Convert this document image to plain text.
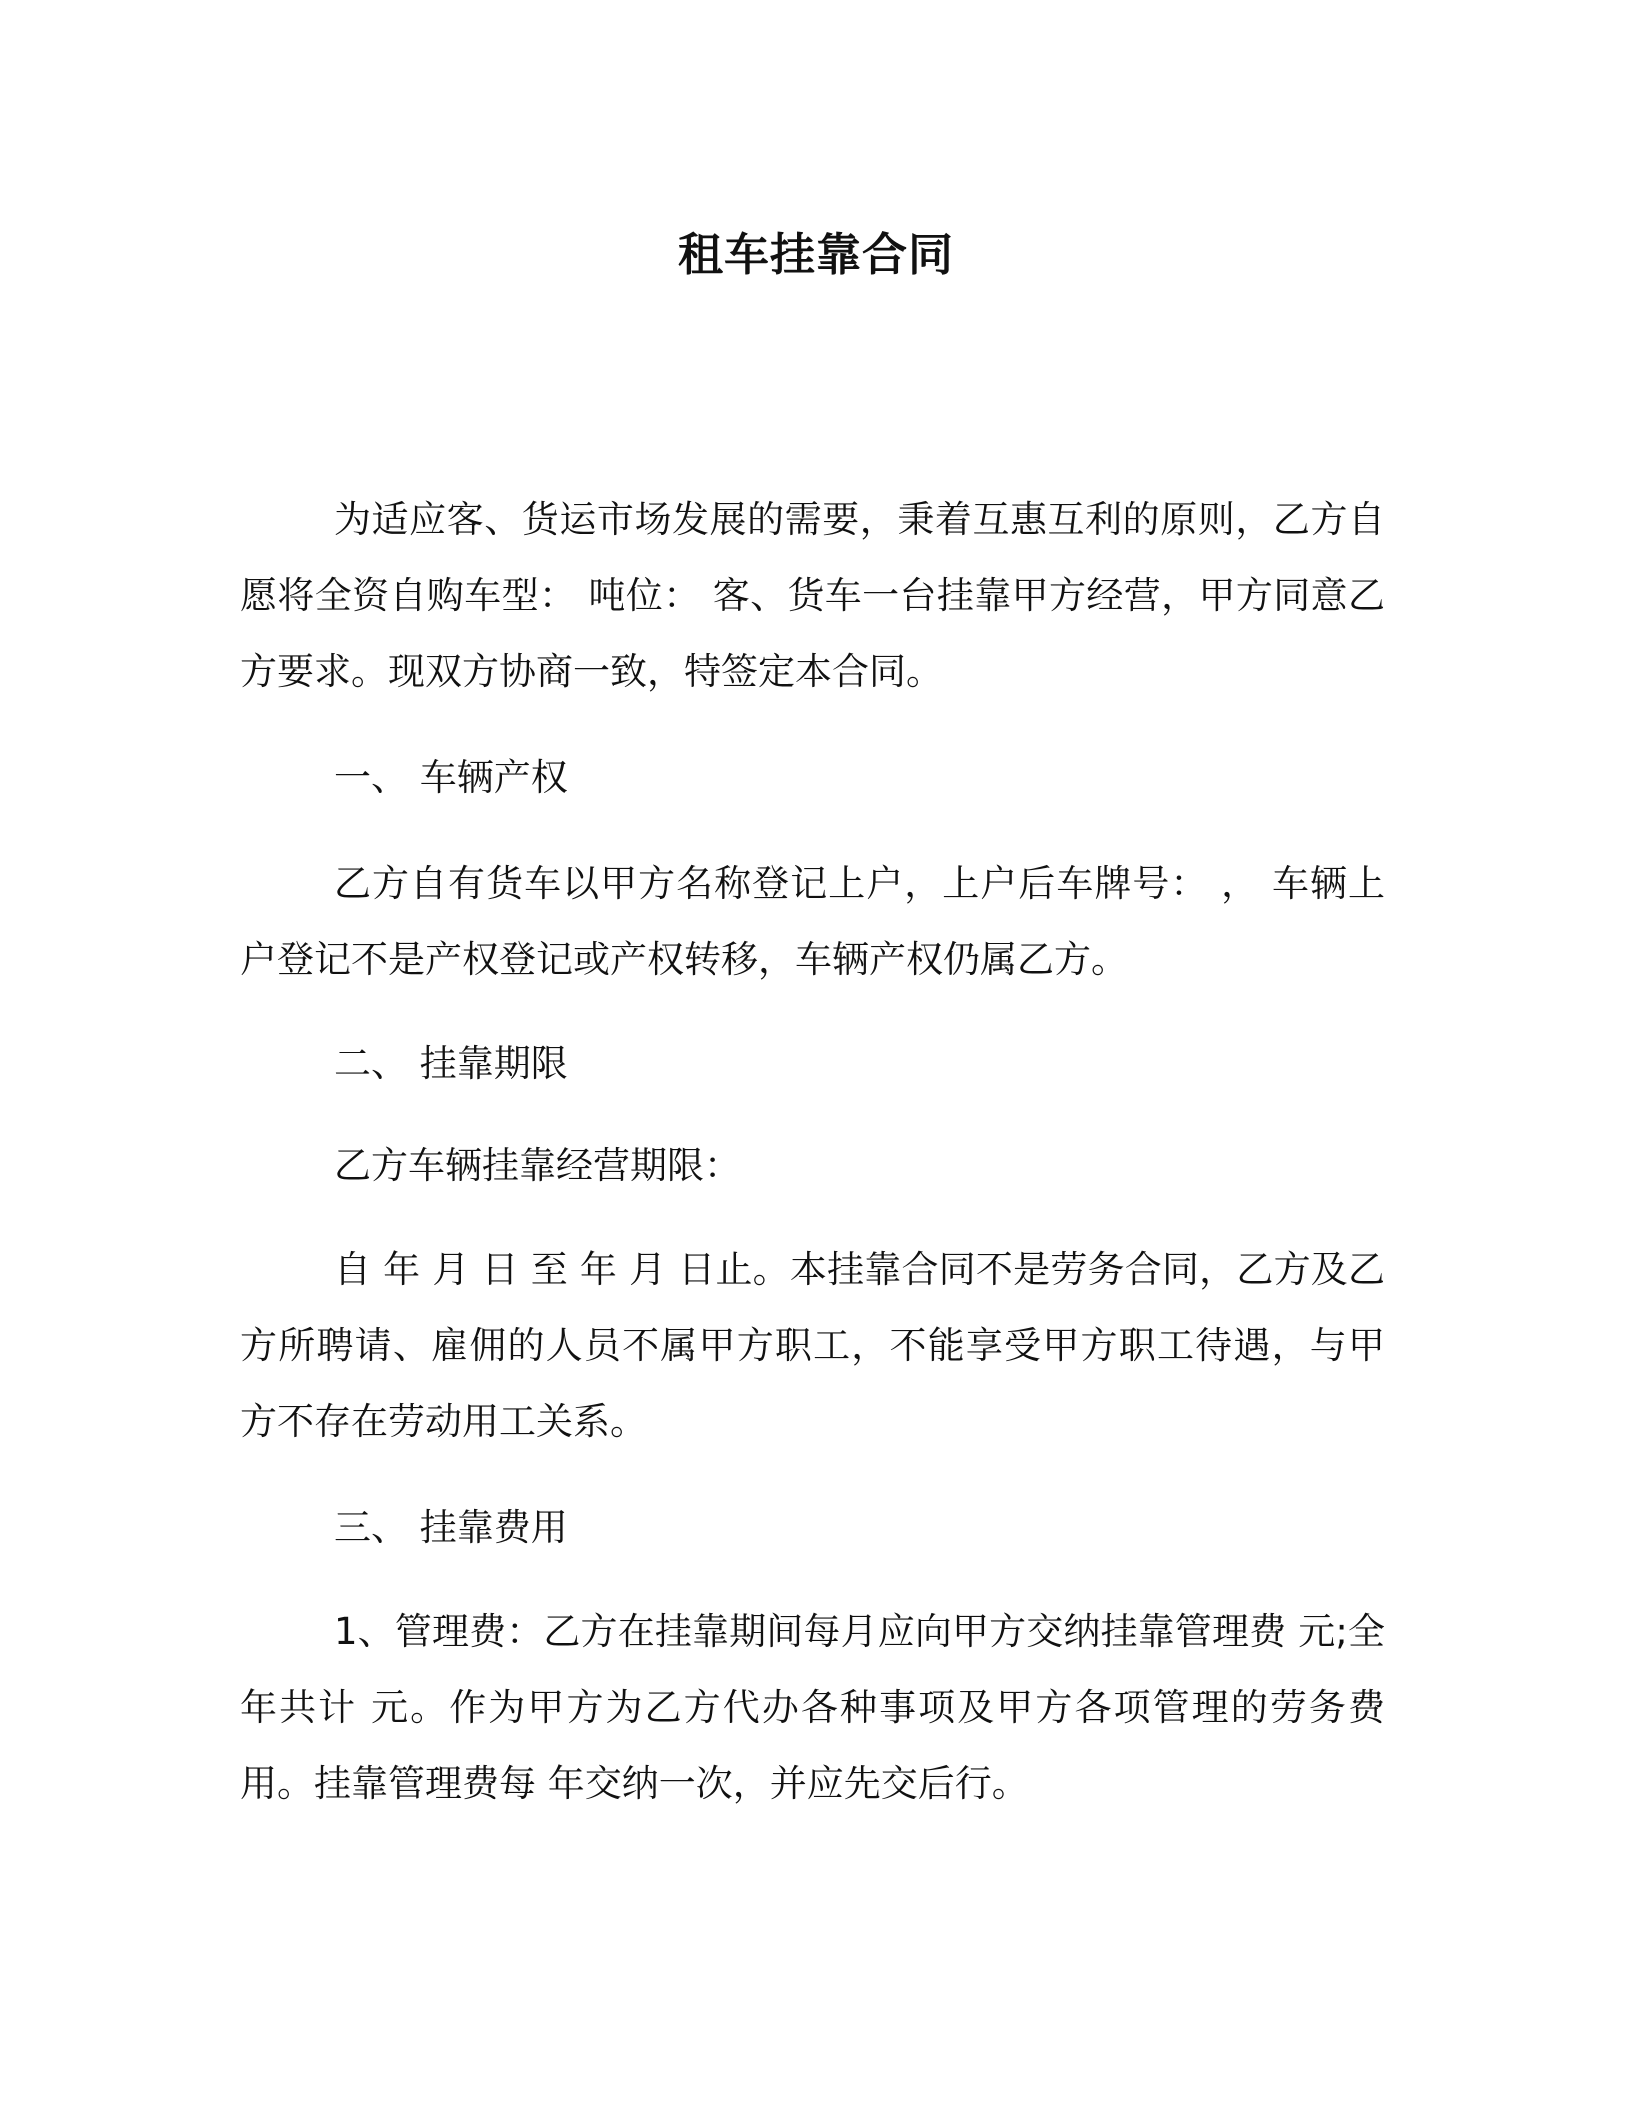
租车挂靠合同

为适应客、货运市场发展的需要，秉着互惠互利的原则，乙方自愿将全资自购车型： 吨位： 客、货车一台挂靠甲方经营，甲方同意乙方要求。现双方协商一致，特签定本合同。

一、 车辆产权

乙方自有货车以甲方名称登记上户，上户后车牌号： ， 车辆上户登记不是产权登记或产权转移，车辆产权仍属乙方。

二、 挂靠期限

乙方车辆挂靠经营期限：

自 年 月 日 至 年 月 日止。本挂靠合同不是劳务合同，乙方及乙方所聘请、雇佣的人员不属甲方职工，不能享受甲方职工待遇，与甲方不存在劳动用工关系。

三、 挂靠费用

1、管理费：乙方在挂靠期间每月应向甲方交纳挂靠管理费 元;全年共计 元。作为甲方为乙方代办各种事项及甲方各项管理的劳务费用。挂靠管理费每 年交纳一次，并应先交后行。
